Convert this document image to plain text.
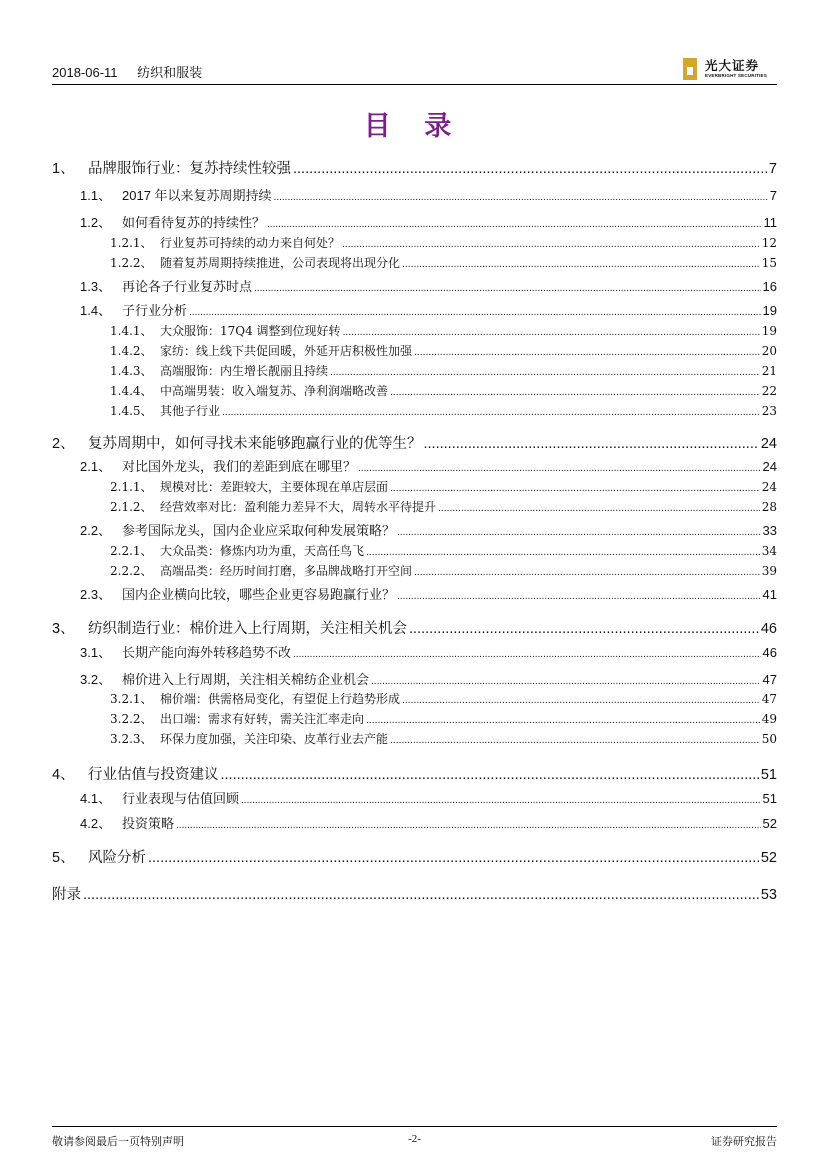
2018-06-11 纺织和服装	光大证券
EVERBRIGHT SECURITIES
目 录
1、 品牌服饰行业：复苏持续性较强 .....	7
1.1、 2017 年以来复苏周期持续 .....	7
1.2、 如何看待复苏的持续性？ .....	11
1.2.1、 行业复苏可持续的动力来自何处？ .....	12
1.2.2、 随着复苏周期持续推进，公司表现将出现分化 .....	15
1.3、 再论各子行业复苏时点 .....	16
1.4、 子行业分析 .....	19
1.4.1、 大众服饰：17Q4 调整到位现好转 .....	19
1.4.2、 家纺：线上线下共促回暖，外延开店积极性加强 .....	20
1.4.3、 高端服饰：内生增长靓丽且持续 .....	21
1.4.4、 中高端男装：收入端复苏、净利润端略改善 .....	22
1.4.5、 其他子行业 .....	23
2、 复苏周期中，如何寻找未来能够跑赢行业的优等生？ .....	24
2.1、 对比国外龙头，我们的差距到底在哪里？ .....	24
2.1.1、 规模对比：差距较大，主要体现在单店层面 .....	24
2.1.2、 经营效率对比：盈利能力差异不大，周转水平待提升 .....	28
2.2、 参考国际龙头，国内企业应采取何种发展策略？ .....	33
2.2.1、 大众品类：修炼内功为重，天高任鸟飞 .....	34
2.2.2、 高端品类：经历时间打磨，多品牌战略打开空间 .....	39
2.3、 国内企业横向比较，哪些企业更容易跑赢行业？ .....	41
3、 纺织制造行业：棉价进入上行周期，关注相关机会 .....	46
3.1、 长期产能向海外转移趋势不改 .....	46
3.2、 棉价进入上行周期，关注相关棉纺企业机会 .....	47
3.2.1、 棉价端：供需格局变化，有望促上行趋势形成 .....	47
3.2.2、 出口端：需求有好转，需关注汇率走向 .....	49
3.2.3、 环保力度加强，关注印染、皮革行业去产能 .....	50
4、 行业估值与投资建议 .....	51
4.1、 行业表现与估值回顾 .....	51
4.2、 投资策略 .....	52
5、 风险分析 .....	52
附录 .....	53
敬请参阅最后一页特别声明	-2-	证券研究报告
